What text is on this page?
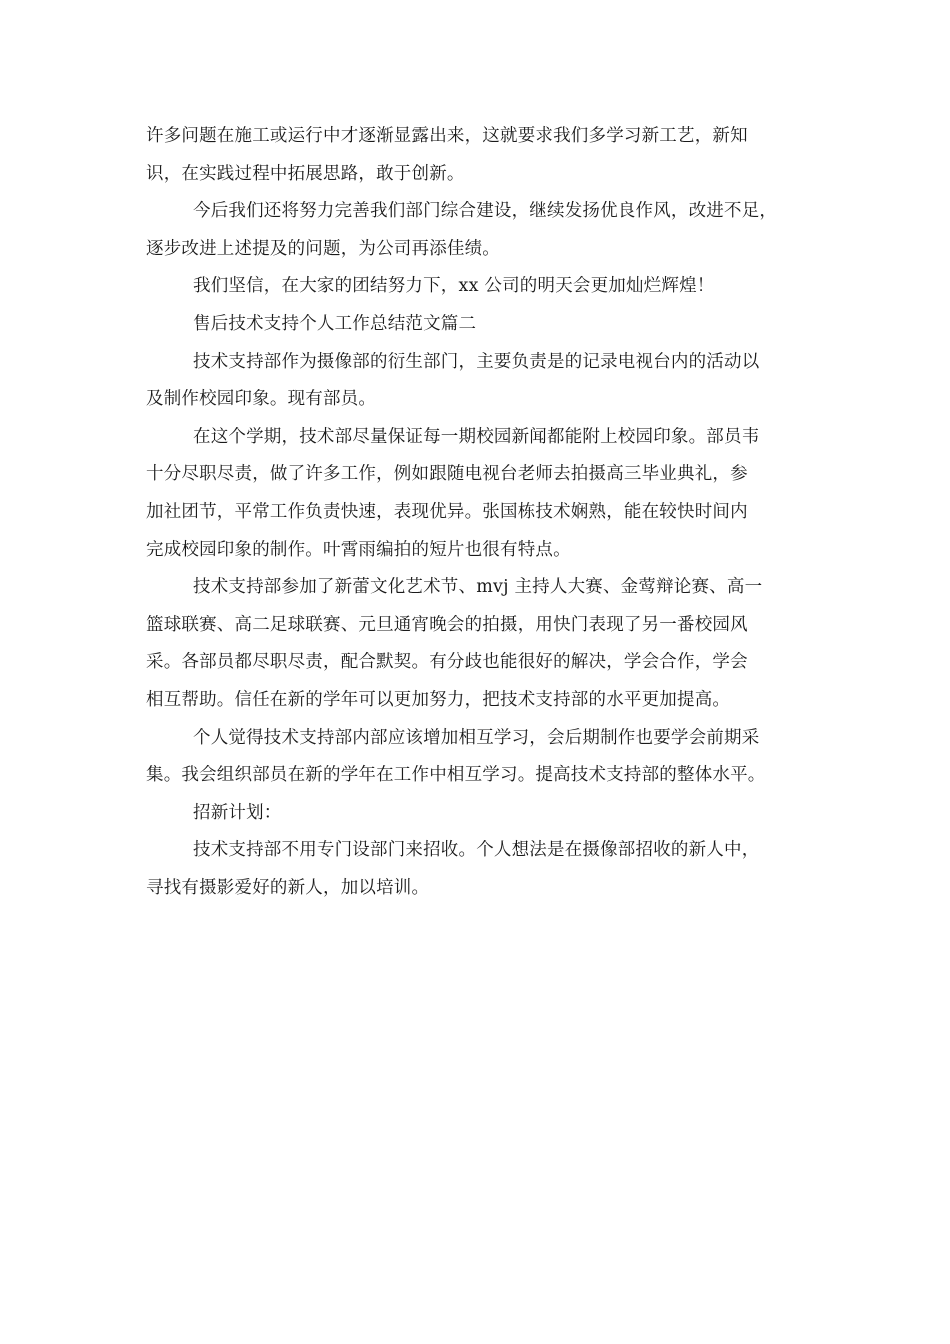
许多问题在施工或运行中才逐渐显露出来，这就要求我们多学习新工艺，新知
识，在实践过程中拓展思路，敢于创新。
今后我们还将努力完善我们部门综合建设，继续发扬优良作风，改进不足，
逐步改进上述提及的问题，为公司再添佳绩。
我们坚信，在大家的团结努力下，xx 公司的明天会更加灿烂辉煌！
售后技术支持个人工作总结范文篇二
技术支持部作为摄像部的衍生部门，主要负责是的记录电视台内的活动以
及制作校园印象。现有部员。
在这个学期，技术部尽量保证每一期校园新闻都能附上校园印象。部员韦
十分尽职尽责，做了许多工作，例如跟随电视台老师去拍摄高三毕业典礼，参
加社团节，平常工作负责快速，表现优异。张国栋技术娴熟，能在较快时间内
完成校园印象的制作。叶霄雨编拍的短片也很有特点。
技术支持部参加了新蕾文化艺术节、mvj 主持人大赛、金莺辩论赛、高一
篮球联赛、高二足球联赛、元旦通宵晚会的拍摄，用快门表现了另一番校园风
采。各部员都尽职尽责，配合默契。有分歧也能很好的解决，学会合作，学会
相互帮助。信任在新的学年可以更加努力，把技术支持部的水平更加提高。
个人觉得技术支持部内部应该增加相互学习，会后期制作也要学会前期采
集。我会组织部员在新的学年在工作中相互学习。提高技术支持部的整体水平。
招新计划：
技术支持部不用专门设部门来招收。个人想法是在摄像部招收的新人中，
寻找有摄影爱好的新人，加以培训。
